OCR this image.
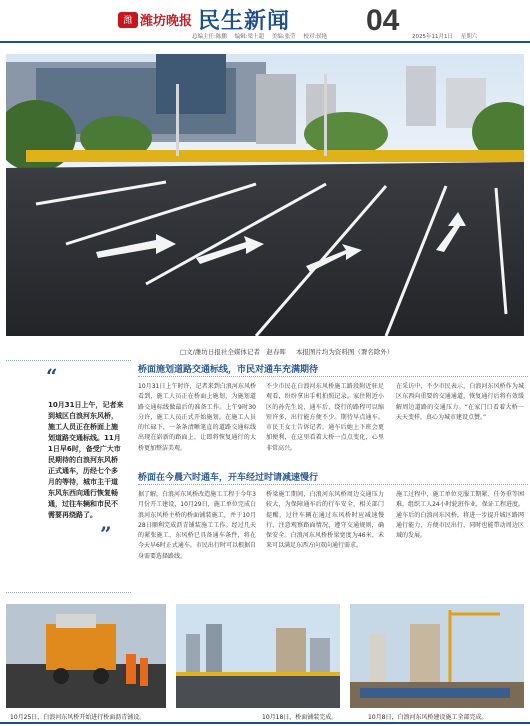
潍 潍坊晚报 民生新闻
总编主任:陈鹏 编辑:梁士超 美编:张莹 校对:侯艳 04 2025年11月1日 星期六
□文/潍坊日报社全媒体记者　赵春晖 本报图片均为资料图（署名除外）
“
10月31日上午，记者来到城区白浪河东风桥，施工人员正在桥面上施划道路交通标线。11月1日早6时，备受广大市民期待的白浪河东风桥正式通车，历经七个多月的等待，城市主干道东风东西向通行恢复畅通，过往车辆和市民不需要再绕路了。
”
桥面施划道路交通标线，市民对通车充满期待
10月31日上午时许，记者来到白浪河东风桥看到，施工人员正在桥面上施划，为施划道路交通标线做最后的准备工作。上午9时30分许，施工人员正式开始施划。在施工人员的忙碌下，一条条清晰笔直的道路交通标线出现在崭新的路面上，让即将恢复通行的大桥更加整洁美观。
不少市民在白浪河东风桥施工路段附近驻足观看，纷纷拿出手机拍照记录。家住附近小区的孙先生说，通车后，绕行的路程可以缩短许多，出行能方便不少。期待早点通车。市民王女士告诉记者，通车后她上下班会更加便利，在这里看着大桥一点点变化，心里非常高兴。
在采访中，不少市民表示，白浪河东风桥作为城区东西向重要的交通通道，恢复通行后将有效缓解周边道路的交通压力。“在家门口看着大桥一天天变样，真心为城市建设点赞。”
桥面在今晨六时通车，开车经过时请减速慢行
据了解，白浪河东风桥改造施工工程于今年3月份开工建设，10月29日，施工单位完成白浪河东风桥主桥的桥面铺装施工，并于10月28日顺利完成沥青铺装施工工作。经过几天的紧张施工，东风桥已具备通车条件，将在今天早6时正式通车。市民出行时可以根据自身需要选择路线。
桥梁施工期间，白浪河东风桥周边交通压力较大，为保障通车后的行车安全，相关部门提醒，过往车辆在通过东风桥时应减速慢行，注意观察路面情况，遵守交通规则，确保安全。白浪河东风桥桥梁宽度为46米，未来可以满足东西方向双向通行需求。
施工过程中，施工单位克服工期紧、任务重等困难，组织工人24小时轮班作业，保证工程进度。通车后的白浪河东风桥，将进一步提升城区路网通行能力，方便市民出行，同时也能带动周边区域的发展。
10月25日，白浪河东风桥开始进行桥面沥青铺设。	10月18日，桥面铺装完成。	10月8日，白浪河东风桥建设施工全部完成。
